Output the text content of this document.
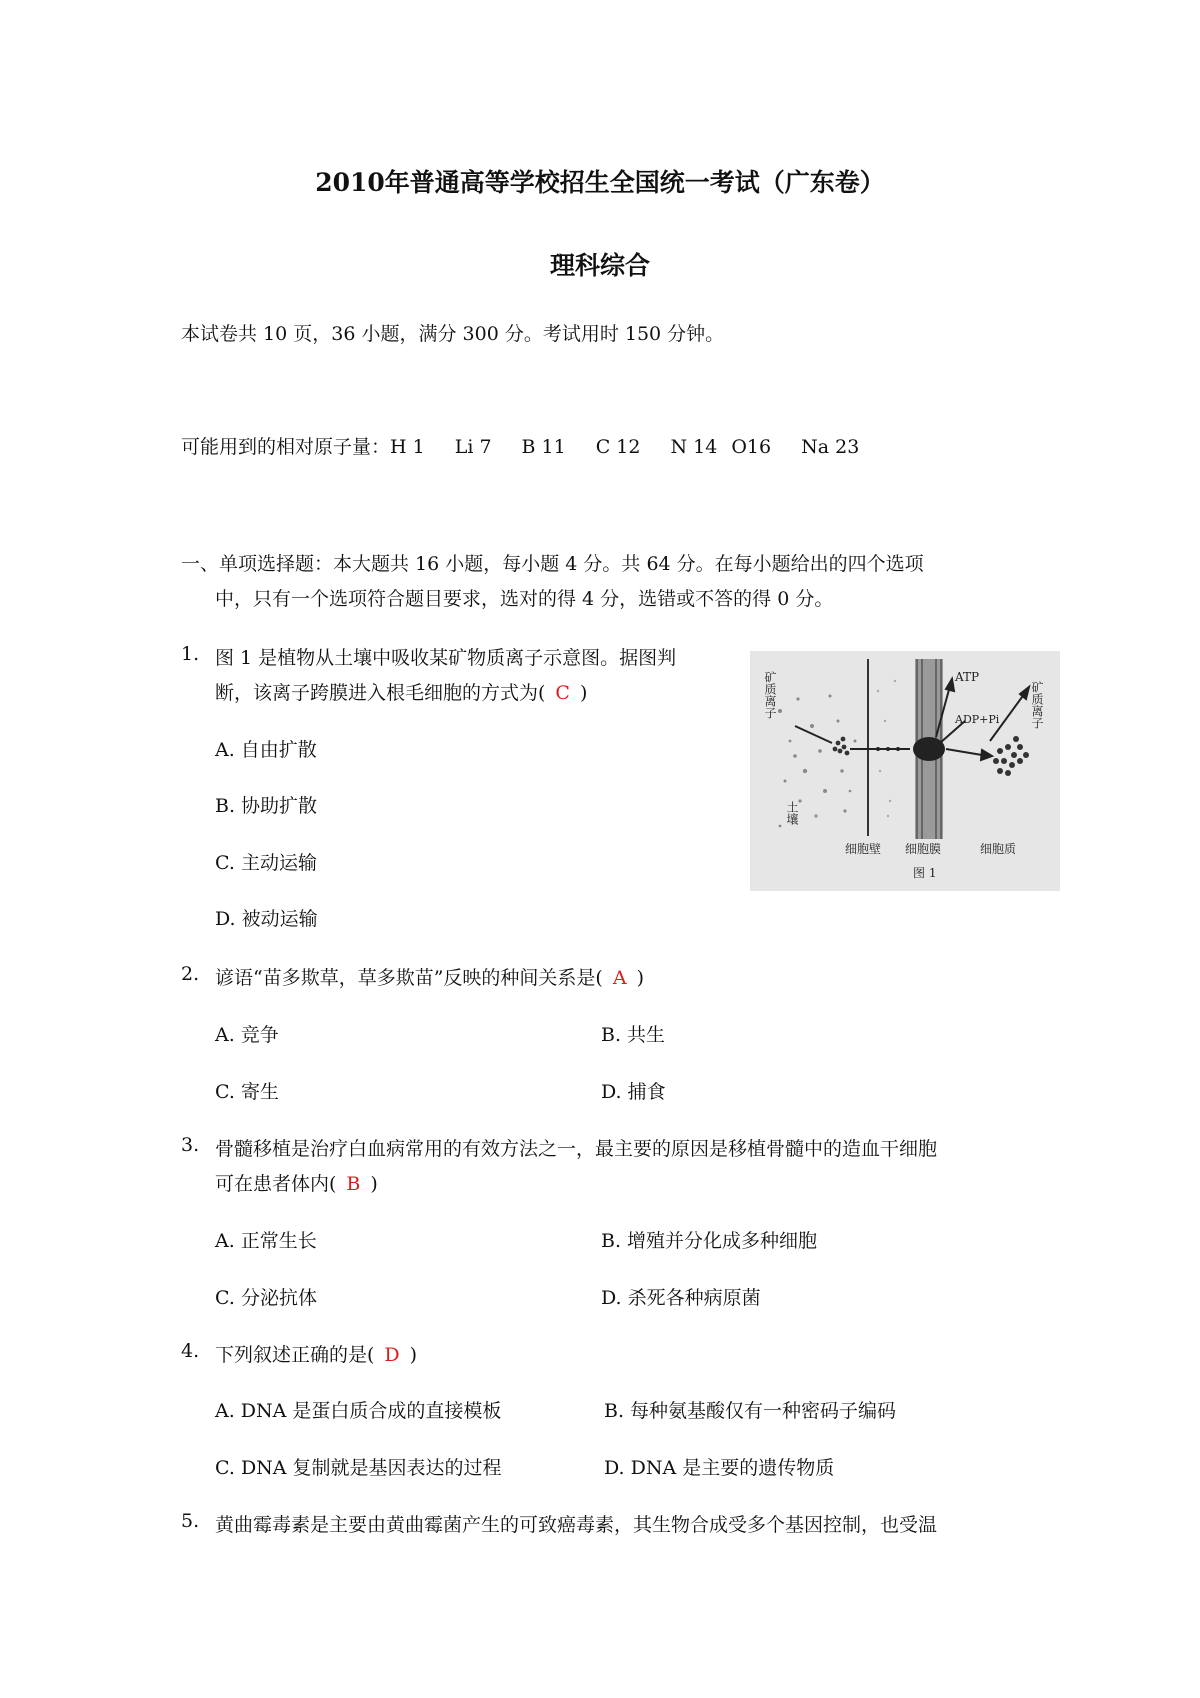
2010年普通高等学校招生全国统一考试（广东卷）
理科综合
本试卷共 10 页，36 小题，满分 300 分。考试用时 150 分钟。
可能用到的相对原子量：H 1 Li 7 B 11 C 12 N 14 O16 Na 23
一、单项选择题：本大题共 16 小题，每小题 4 分。共 64 分。在每小题给出的四个选项
中，只有一个选项符合题目要求，选对的得 4 分，选错或不答的得 0 分。
1. 图 1 是植物从土壤中吸收某矿物质离子示意图。据图判
断，该离子跨膜进入根毛细胞的方式为( C )
A. 自由扩散
B. 协助扩散
C. 主动运输
D. 被动运输
矿质离子
土壤
ATP
ADP+Pi	矿质离子
细胞壁 细胞膜	细胞质
图 1
2. 谚语“苗多欺草，草多欺苗”反映的种间关系是( A )
A. 竞争	B. 共生
C. 寄生	D. 捕食
3. 骨髓移植是治疗白血病常用的有效方法之一，最主要的原因是移植骨髓中的造血干细胞
可在患者体内( B )
A. 正常生长	B. 增殖并分化成多种细胞
C. 分泌抗体	D. 杀死各种病原菌
4. 下列叙述正确的是( D )
A. DNA 是蛋白质合成的直接模板	B. 每种氨基酸仅有一种密码子编码
C. DNA 复制就是基因表达的过程	D. DNA 是主要的遗传物质
5. 黄曲霉毒素是主要由黄曲霉菌产生的可致癌毒素，其生物合成受多个基因控制，也受温
